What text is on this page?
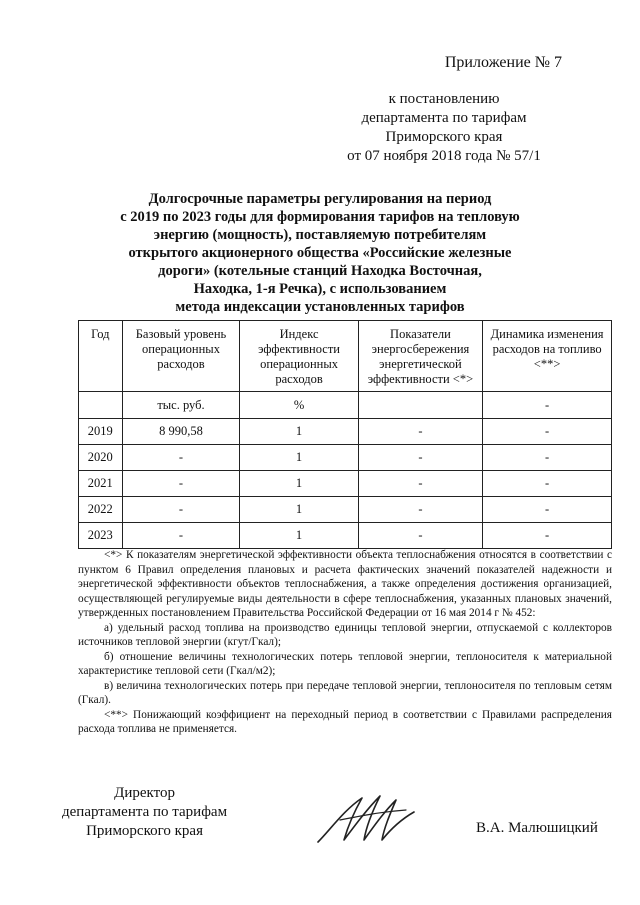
Приложение № 7
к постановлению
департамента по тарифам
Приморского края
от 07 ноября 2018 года № 57/1
Долгосрочные параметры регулирования на период
с 2019 по 2023 годы для формирования тарифов на тепловую
энергию (мощность), поставляемую потребителям
открытого акционерного общества «Российские железные
дороги» (котельные станций Находка Восточная,
Находка, 1-я Речка), с использованием
метода индексации установленных тарифов
Год	Базовый уровень операционных расходов	Индекс эффективности операционных расходов	Показатели энергосбережения энергетической эффективности <*>	Динамика изменения расходов на топливо <**>
	тыс. руб.	%		-
2019	8 990,58	1	-	-
2020	-	1	-	-
2021	-	1	-	-
2022	-	1	-	-
2023	-	1	-	-

<*> К показателям энергетической эффективности объекта теплоснабжения относятся в соответствии с пунктом 6 Правил определения плановых и расчета фактических значений показателей надежности и энергетической эффективности объектов теплоснабжения, а также определения достижения организацией, осуществляющей регулируемые виды деятельности в сфере теплоснабжения, указанных плановых значений, утвержденных постановлением Правительства Российской Федерации от 16 мая 2014 г № 452:

а) удельный расход топлива на производство единицы тепловой энергии, отпускаемой с коллекторов источников тепловой энергии (кгут/Гкал);

б) отношение величины технологических потерь тепловой энергии, теплоносителя к материальной характеристике тепловой сети (Гкал/м2);

в) величина технологических потерь при передаче тепловой энергии, теплоносителя по тепловым сетям (Гкал).

<**> Понижающий коэффициент на переходный период в соответствии с Правилами распределения расхода топлива не применяется.

Директор
департамента по тарифам
Приморского края	В.А. Малюшицкий
